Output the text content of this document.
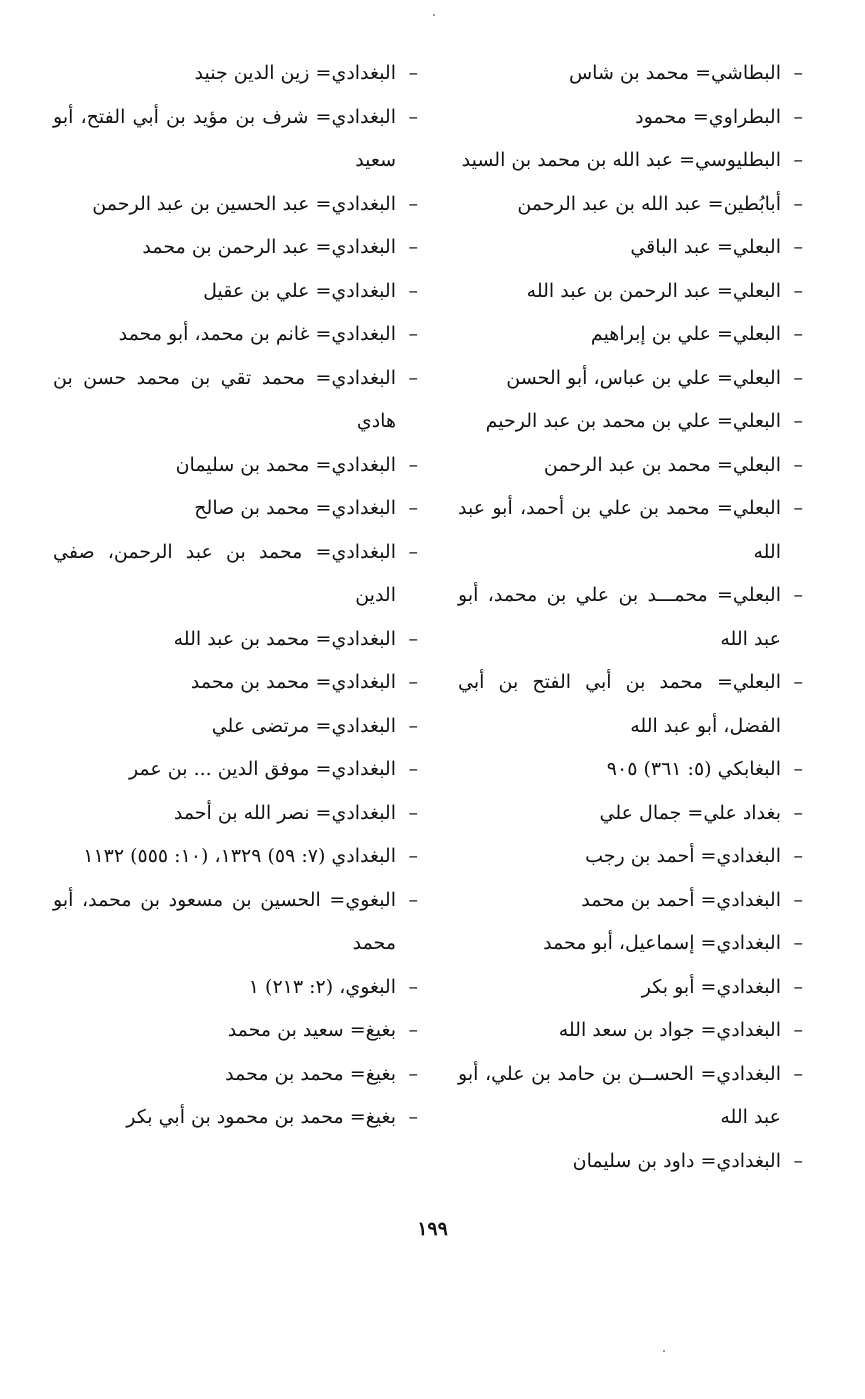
–
البطاشي= محمد بن شاس
–
البطراوي= محمود
–
البطليوسي= عبد الله بن محمد بن السيد
–
أبابُطين= عبد الله بن عبد الرحمن
–
البعلي= عبد الباقي
–
البعلي= عبد الرحمن بن عبد الله
–
البعلي= علي بن إبراهيم
–
البعلي= علي بن عباس، أبو الحسن
–
البعلي= علي بن محمد بن عبد الرحيم
–
البعلي= محمد بن عبد الرحمن
–
البعلي= محمد بن علي بن أحمد، أبو عبد الله
–
البعلي= محمـــد بن علي بن محمد، أبو عبد الله
–
البعلي= محمد بن أبي الفتح بن أبي الفضل، أبو عبد الله
–
البغابكي (٥: ٣٦١) ٩٠٥
–
بغداد علي= جمال علي
–
البغدادي= أحمد بن رجب
–
البغدادي= أحمد بن محمد
–
البغدادي= إسماعيل، أبو محمد
–
البغدادي= أبو بكر
–
البغدادي= جواد بن سعد الله
–
البغدادي= الحســن بن حامد بن علي، أبو عبد الله
–
البغدادي= داود بن سليمان
–
البغدادي= زين الدين جنيد
–
البغدادي= شرف بن مؤيد بن أبي الفتح، أبو سعيد
–
البغدادي= عبد الحسين بن عبد الرحمن
–
البغدادي= عبد الرحمن بن محمد
–
البغدادي= علي بن عقيل
–
البغدادي= غانم بن محمد، أبو محمد
–
البغدادي= محمد تقي بن محمد حسن بن هادي
–
البغدادي= محمد بن سليمان
–
البغدادي= محمد بن صالح
–
البغدادي= محمد بن عبد الرحمن، صفي الدين
–
البغدادي= محمد بن عبد الله
–
البغدادي= محمد بن محمد
–
البغدادي= مرتضى علي
–
البغدادي= موفق الدين ... بن عمر
–
البغدادي= نصر الله بن أحمد
–
البغدادي (٧: ٥٩) ١٣٢٩، (١٠: ٥٥٥) ١١٣٢
–
البغوي= الحسين بن مسعود بن محمد، أبو محمد
–
البغوي، (٢: ٢١٣) ١
–
بغيغ= سعيد بن محمد
–
بغيغ= محمد بن محمد
–
بغيغ= محمد بن محمود بن أبي بكر
١٩٩
